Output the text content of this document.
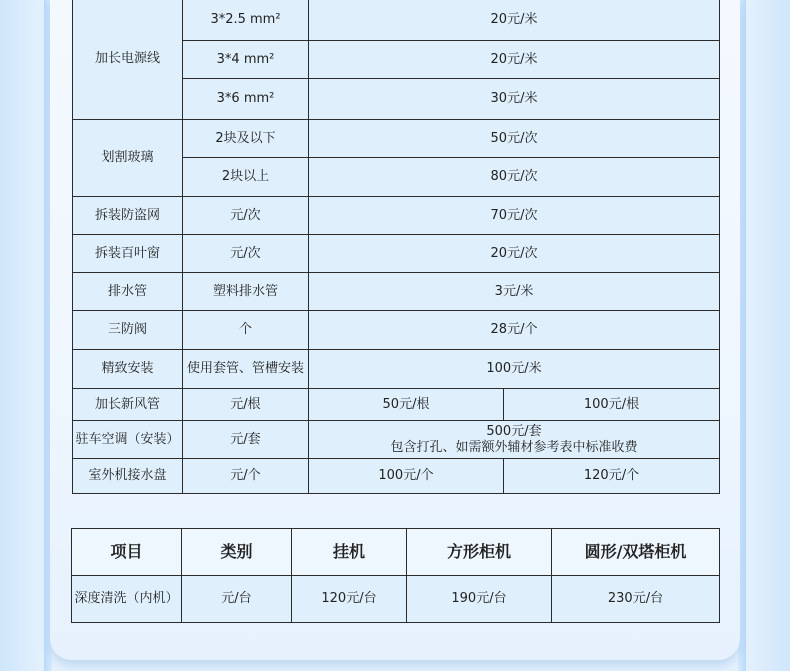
加长电源线	3*2.5 mm²	20元/米	
	3*4 mm²	20元/米	
	3*6 mm²	30元/米	
划割玻璃	2块及以下	50元/次	
	2块以上	80元/次	
拆装防盗网	元/次	70元/次	
拆装百叶窗	元/次	20元/次	
排水管	塑料排水管	3元/米	
三防阀	个	28元/个	
精致安装	使用套管、管槽安装	100元/米	
加长新风管	元/根	50元/根	100元/根
驻车空调（安装）	元/套	500元/套
包含打孔、如需额外辅材参考表中标准收费	

室外机接水盘	元/个	100元/个	120元/个
项目	类别	挂机	方形柜机	圆形/双塔柜机
深度清洗（内机）	元/台	120元/台	190元/台	230元/台
